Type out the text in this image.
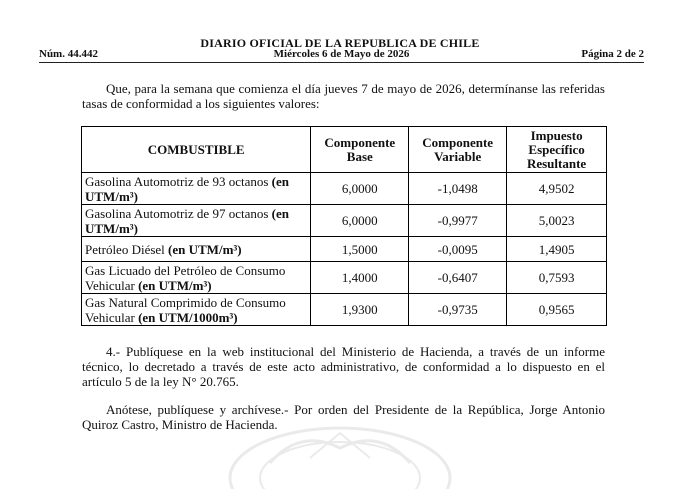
DIARIO OFICIAL DE LA REPUBLICA DE CHILE
Núm. 44.442	Miércoles 6 de Mayo de 2026	Página 2 de 2
Que, para la semana que comienza el día jueves 7 de mayo de 2026, determínanse las referidas tasas de conformidad a los siguientes valores:
COMBUSTIBLE	Componente Base	Componente Variable	Impuesto Específico Resultante
Gasolina Automotriz de 93 octanos (en UTM/m³)	6,0000	-1,0498	4,9502
Gasolina Automotriz de 97 octanos (en UTM/m³)	6,0000	-0,9977	5,0023
Petróleo Diésel (en UTM/m³)	1,5000	-0,0095	1,4905
Gas Licuado del Petróleo de Consumo Vehicular (en UTM/m³)	1,4000	-0,6407	0,7593
Gas Natural Comprimido de Consumo Vehicular (en UTM/1000m³)	1,9300	-0,9735	0,9565
4.- Publíquese en la web institucional del Ministerio de Hacienda, a través de un informe técnico, lo decretado a través de este acto administrativo, de conformidad a lo dispuesto en el artículo 5 de la ley N° 20.765.
Anótese, publíquese y archívese.- Por orden del Presidente de la República, Jorge Antonio Quiroz Castro, Ministro de Hacienda.
